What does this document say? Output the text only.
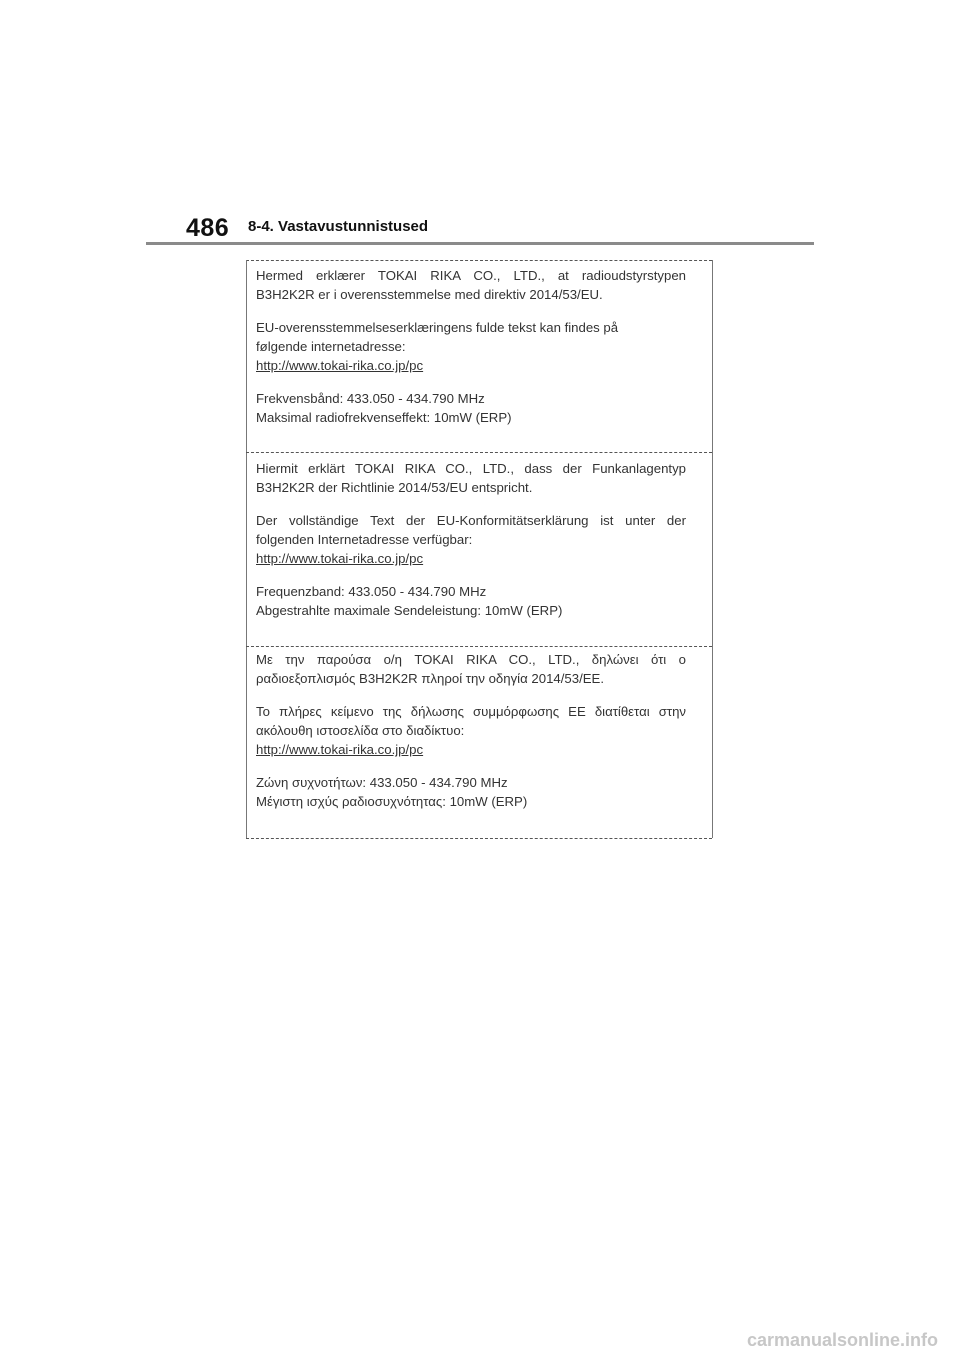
486 8-4. Vastavustunnistused

Hermed erklærer TOKAI RIKA CO., LTD., at radioudstyrstypen

B3H2K2R er i overensstemmelse med direktiv 2014/53/EU.

EU-overensstemmelseserklæringens fulde tekst kan findes på

følgende internetadresse:

http://www.tokai-rika.co.jp/pc

Frekvensbånd: 433.050 - 434.790 MHz

Maksimal radiofrekvenseffekt: 10mW (ERP)

Hiermit erklärt TOKAI RIKA CO., LTD., dass der Funkanlagentyp

B3H2K2R der Richtlinie 2014/53/EU entspricht.

Der vollständige Text der EU-Konformitätserklärung ist unter der

folgenden Internetadresse verfügbar:

http://www.tokai-rika.co.jp/pc

Frequenzband: 433.050 - 434.790 MHz

Abgestrahlte maximale Sendeleistung: 10mW (ERP)

Με την παρούσα ο/η TOKAI RIKA CO., LTD., δηλώνει ότι ο

ραδιοεξοπλισμός B3H2K2R πληροί την οδηγία 2014/53/ΕΕ.

Το πλήρες κείμενο της δήλωσης συμμόρφωσης ΕΕ διατίθεται στην

ακόλουθη ιστοσελίδα στο διαδίκτυο:

http://www.tokai-rika.co.jp/pc

Ζώνη συχνοτήτων: 433.050 - 434.790 MHz

Μέγιστη ισχύς ραδιοσυχνότητας: 10mW (ERP)

carmanualsonline.info
